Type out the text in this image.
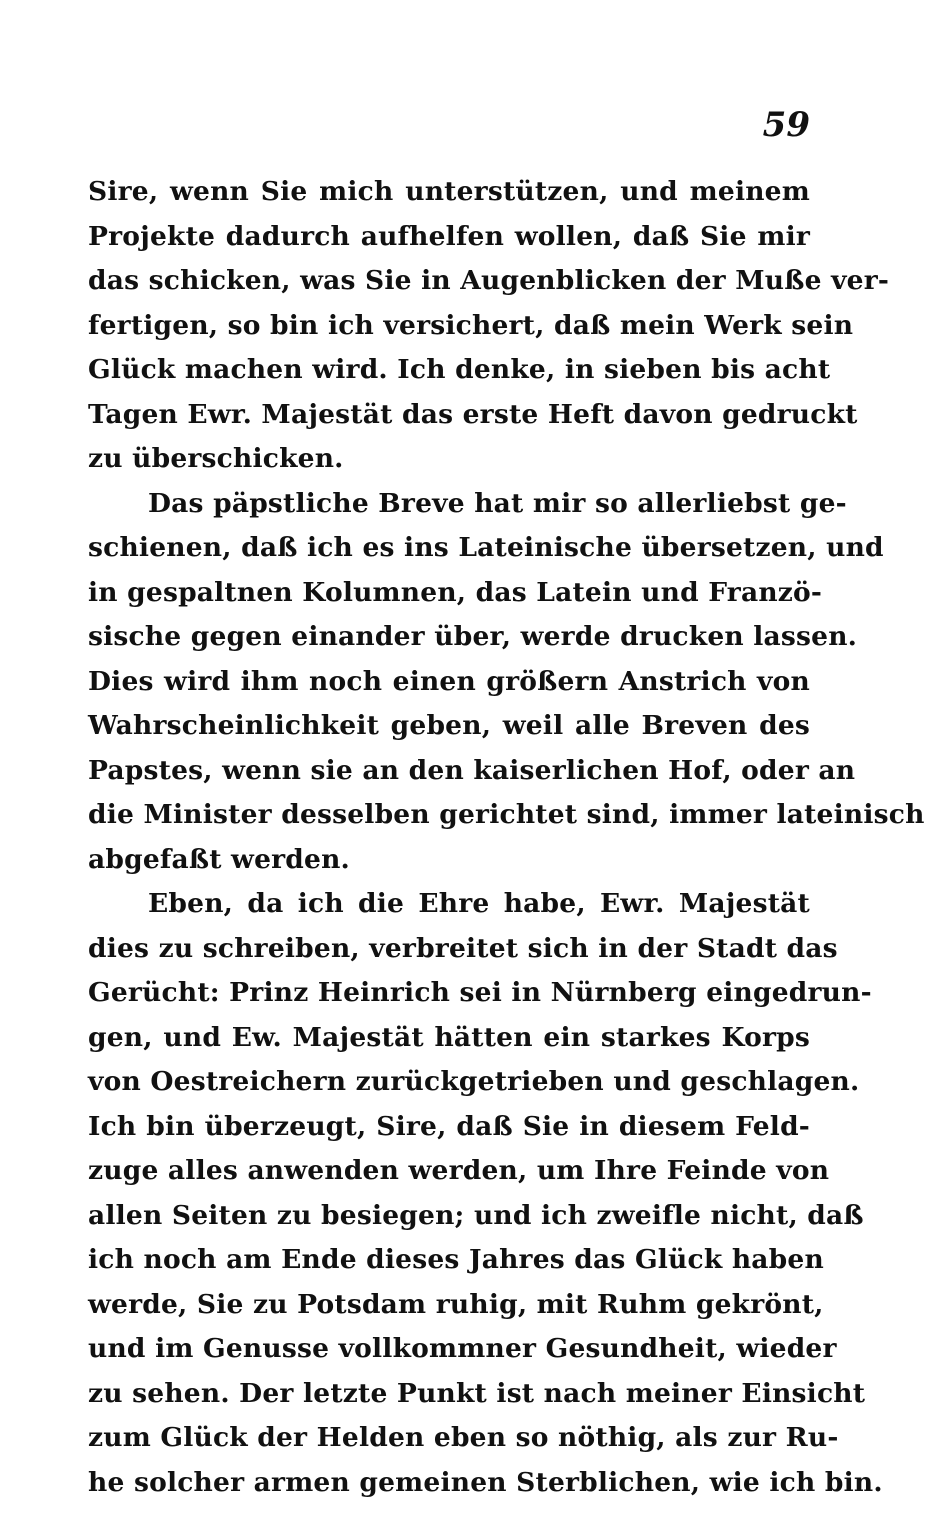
59
Sire, wenn Sie mich unterstützen, und meinem
Projekte dadurch aufhelfen wollen, daß Sie mir
das schicken, was Sie in Augenblicken der Muße ver-
fertigen, so bin ich versichert, daß mein Werk sein
Glück machen wird. Ich denke, in sieben bis acht
Tagen Ewr. Majestät das erste Heft davon gedruckt
zu überschicken.
Das päpstliche Breve hat mir so allerliebst ge-
schienen, daß ich es ins Lateinische übersetzen, und
in gespaltnen Kolumnen, das Latein und Franzö-
sische gegen einander über, werde drucken lassen.
Dies wird ihm noch einen größern Anstrich von
Wahrscheinlichkeit geben, weil alle Breven des
Papstes, wenn sie an den kaiserlichen Hof, oder an
die Minister desselben gerichtet sind, immer lateinisch
abgefaßt werden.
Eben, da ich die Ehre habe, Ewr. Majestät
dies zu schreiben, verbreitet sich in der Stadt das
Gerücht: Prinz Heinrich sei in Nürnberg eingedrun-
gen, und Ew. Majestät hätten ein starkes Korps
von Oestreichern zurückgetrieben und geschlagen.
Ich bin überzeugt, Sire, daß Sie in diesem Feld-
zuge alles anwenden werden, um Ihre Feinde von
allen Seiten zu besiegen; und ich zweifle nicht, daß
ich noch am Ende dieses Jahres das Glück haben
werde, Sie zu Potsdam ruhig, mit Ruhm gekrönt,
und im Genusse vollkommner Gesundheit, wieder
zu sehen. Der letzte Punkt ist nach meiner Einsicht
zum Glück der Helden eben so nöthig, als zur Ru-
he solcher armen gemeinen Sterblichen, wie ich bin.
